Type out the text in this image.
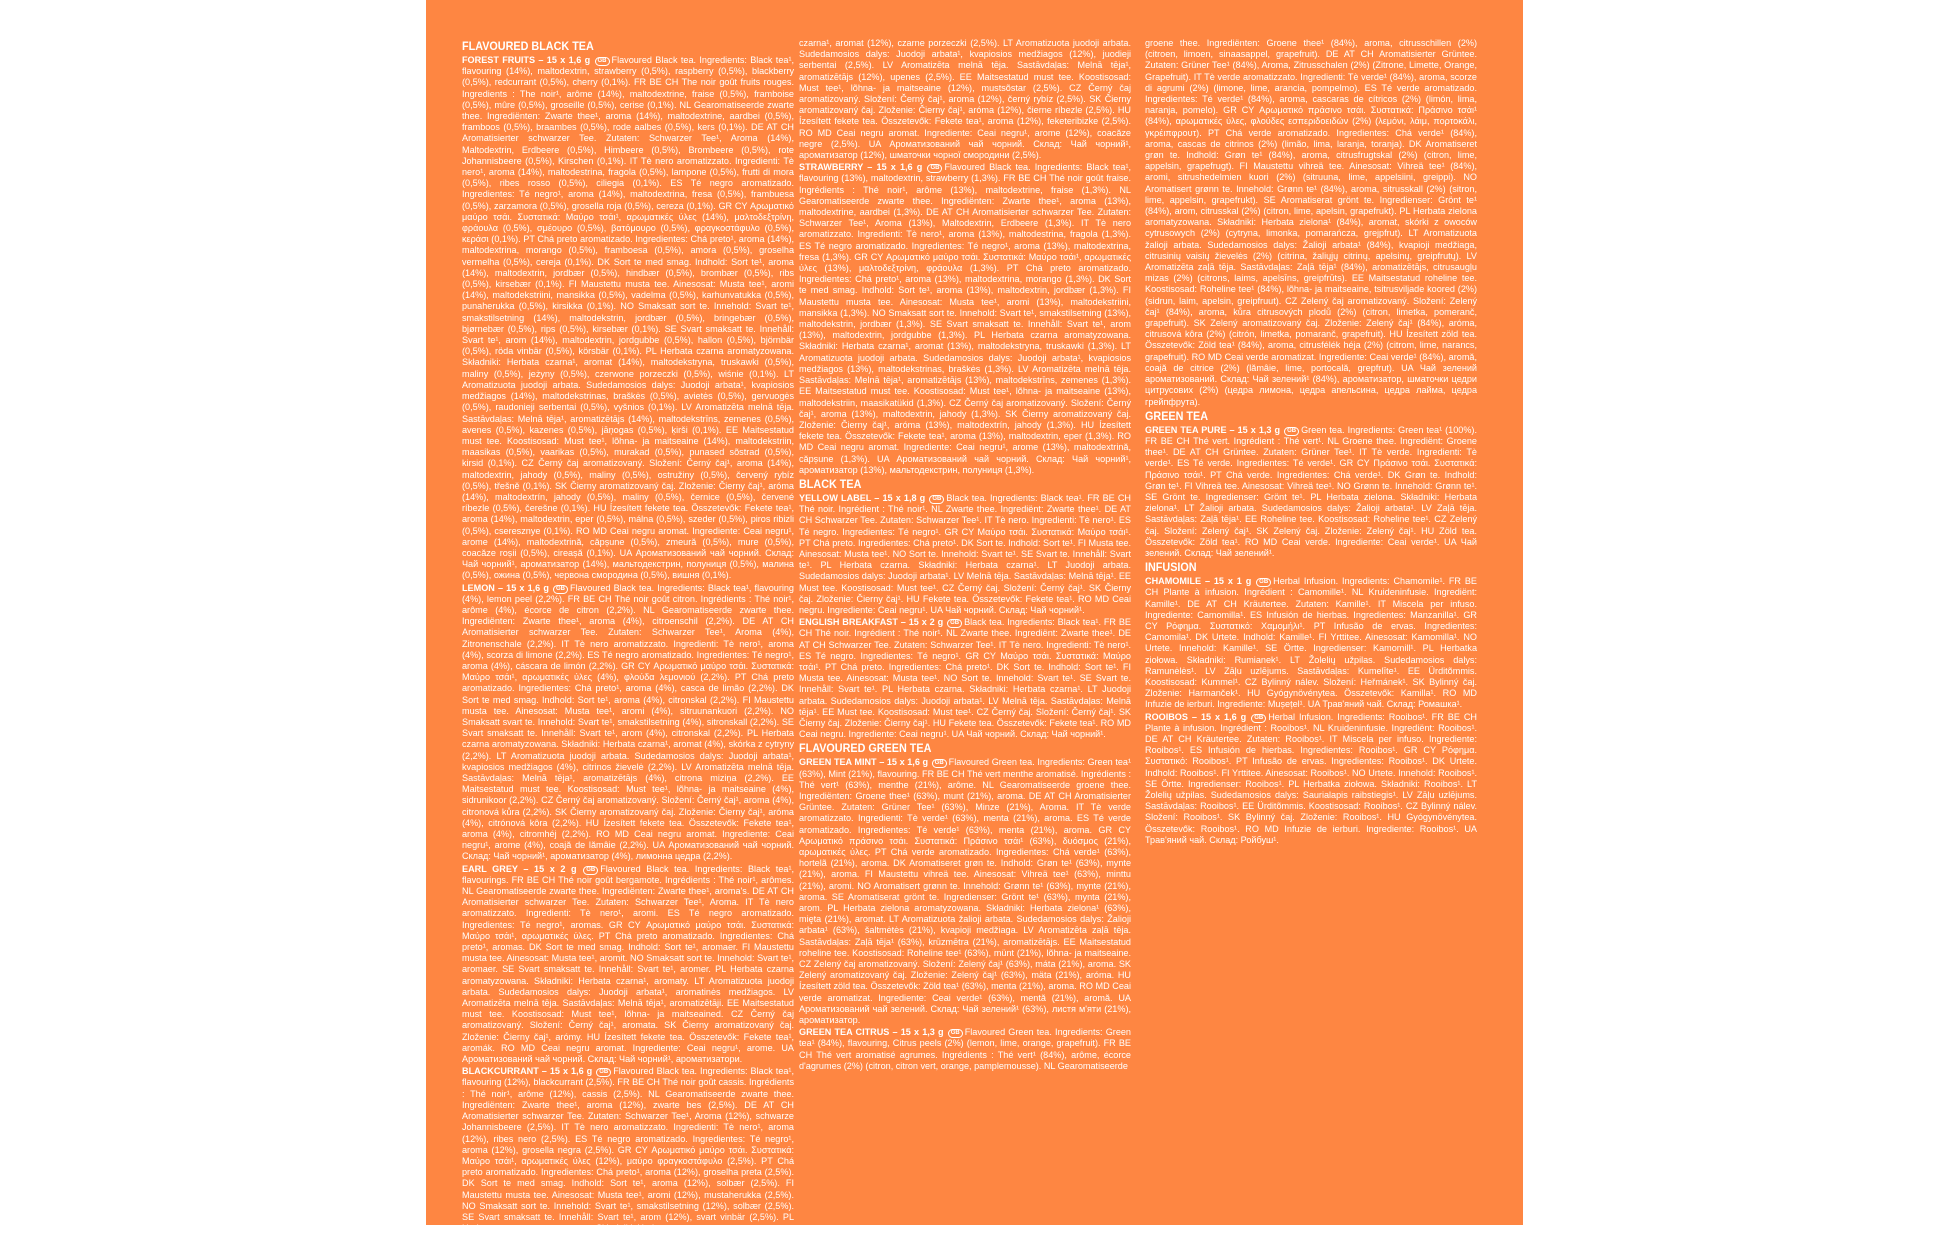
FLAVOURED BLACK TEA
FOREST FRUITS – 15 x 1,6 g GB Flavoured Black tea. Ingredients: Black tea¹, flavouring (14%), maltodextrin, strawberry (0,5%), raspberry (0,5%), blackberry (0,5%), redcurrant (0,5%), cherry (0,1%). FR BE CH The noir goût fruits rouges. Ingredients : The noir¹, arôme (14%), maltodextrine, fraise (0,5%), framboise (0,5%), mûre (0,5%), groseille (0,5%), cerise (0,1%). NL Gearomatiseerde zwarte thee. Ingrediënten: Zwarte thee¹, aroma (14%), maltodextrine, aardbei (0,5%), framboos (0,5%), braambes (0,5%), rode aalbes (0,5%), kers (0,1%). DE AT CH Aromatisierter schwarzer Tee. Zutaten: Schwarzer Tee¹, Aroma (14%), Maltodextrin, Erdbeere (0,5%), Himbeere (0,5%), Brombeere (0,5%), rote Johannisbeere (0,5%), Kirschen (0,1%). IT Tè nero aromatizzato. Ingredienti: Tè nero¹, aroma (14%), maltodestrina, fragola (0,5%), lampone (0,5%), frutti di mora (0,5%), ribes rosso (0,5%), ciliegia (0,1%). ES Té negro aromatizado. Ingredientes: Té negro¹, aroma (14%), maltodextrina, fresa (0,5%), frambuesa (0,5%), zarzamora (0,5%), grosella roja (0,5%), cereza (0,1%). GR CY Αρωματικό μαύρο τσάι. Συστατικά: Μαύρο τσάι¹, αρωματικές ύλες (14%), μαλτοδεξτρίνη, φράουλα (0,5%), σμέουρο (0,5%), βατόμουρο (0,5%), φραγκοστάφυλο (0,5%), κεράσι (0,1%). PT Chá preto aromatizado. Ingredientes: Chá preto¹, aroma (14%), maltodextrina, morango (0,5%), framboesa (0,5%), amora (0,5%), groselha vermelha (0,5%), cereja (0,1%). DK Sort te med smag. Indhold: Sort te¹, aroma (14%), maltodextrin, jordbær (0,5%), hindbær (0,5%), brombær (0,5%), ribs (0,5%), kirsebær (0,1%). FI Maustettu musta tee. Ainesosat: Musta tee¹, aromi (14%), maltodekstriini, mansikka (0,5%), vadelma (0,5%), karhunvatukka (0,5%), punaherukka (0,5%), kirsikka (0,1%). NO Smaksatt sort te. Innehold: Svart te¹, smakstilsetning (14%), maltodekstrin, jordbær (0,5%), bringebær (0,5%), bjørnebær (0,5%), rips (0,5%), kirsebær (0,1%). SE Svart smaksatt te. Innehåll: Svart te¹, arom (14%), maltodextrin, jordgubbe (0,5%), hallon (0,5%), björnbär (0,5%), röda vinbär (0,5%), körsbär (0,1%). PL Herbata czarna aromatyzowana. Składniki: Herbata czarna¹, aromat (14%), maltodekstryna, truskawki (0,5%), maliny (0,5%), jeżyny (0,5%), czerwone porzeczki (0,5%), wiśnie (0,1%). LT Aromatizuota juodoji arbata. Sudedamosios dalys: Juodoji arbata¹, kvapiosios medžiagos (14%), maltodekstrinas, braškės (0,5%), avietės (0,5%), gervuogės (0,5%), raudonieji serbentai (0,5%), vyšnios (0,1%). LV Aromatizēta melnā tēja. Sastāvdaļas: Melnā tēja¹, aromatizētājs (14%), maltodekstrīns, zemenes (0,5%), avenes (0,5%), kazenes (0,5%), jāņogas (0,5%), ķirši (0,1%). EE Maitsestatud must tee. Koostisosad: Must tee¹, lõhna- ja maitseaine (14%), maltodekstriin, maasikas (0,5%), vaarikas (0,5%), murakad (0,5%), punased sõstrad (0,5%), kirsid (0,1%). CZ Černý čaj aromatizovaný. Složení: Černý čaj¹, aroma (14%), maltodextrin, jahody (0,5%), maliny (0,5%), ostružiny (0,5%), červený rybíz (0,5%), třešně (0,1%). SK Čierny aromatizovaný čaj. Zloženie: Čierny čaj¹, aróma (14%), maltodextrín, jahody (0,5%), maliny (0,5%), černice (0,5%), červené ríbezle (0,5%), čerešne (0,1%). HU Ízesített fekete tea. Összetevők: Fekete tea¹, aroma (14%), maltodextrin, eper (0,5%), málna (0,5%), szeder (0,5%), piros ribizli (0,5%), cseresznye (0,1%). RO MD Ceai negru aromat. Ingrediente: Ceai negru¹, arome (14%), maltodextrină, căpșune (0,5%), zmeură (0,5%), mure (0,5%), coacăze roșii (0,5%), cireașă (0,1%). UA Ароматизований чай чорний. Склад: Чай чорний¹, ароматизатор (14%), мальтодекстрин, полуниця (0,5%), малина (0,5%), ожина (0,5%), червона смородина (0,5%), вишня (0,1%).
LEMON – 15 x 1,6 g GB Flavoured Black tea. Ingredients: Black tea¹, flavouring (4%), lemon peel (2,2%). FR BE CH Thé noir goût citron. Ingrédients : Thé noir¹, arôme (4%), écorce de citron (2,2%). NL Gearomatiseerde zwarte thee. Ingrediënten: Zwarte thee¹, aroma (4%), citroenschil (2,2%). DE AT CH Aromatisierter schwarzer Tee. Zutaten: Schwarzer Tee¹, Aroma (4%), Zitronenschale (2,2%). IT Tè nero aromatizzato. Ingredienti: Tè nero¹, aroma (4%), scorza di limone (2,2%). ES Té negro aromatizado. Ingredientes: Té negro¹, aroma (4%), cáscara de limón (2,2%). GR CY Αρωματικό μαύρο τσάι. Συστατικά: Μαύρο τσάι¹, αρωματικές ύλες (4%), φλούδα λεμονιού (2,2%). PT Chá preto aromatizado. Ingredientes: Chá preto¹, aroma (4%), casca de limão (2,2%). DK Sort te med smag. Indhold: Sort te¹, aroma (4%), citronskal (2,2%). FI Maustettu musta tee. Ainesosat: Musta tee¹, aromi (4%), sitruunankuori (2,2%). NO Smaksatt svart te. Innehold: Svart te¹, smakstilsetning (4%), sitronskall (2,2%). SE Svart smaksatt te. Innehåll: Svart te¹, arom (4%), citronskal (2,2%). PL Herbata czarna aromatyzowana. Składniki: Herbata czarna¹, aromat (4%), skórka z cytryny (2,2%). LT Aromatizuota juodoji arbata. Sudedamosios dalys: Juodoji arbata¹, kvapiosios medžiagos (4%), citrinos žievelė (2,2%). LV Aromatizēta melnā tēja. Sastāvdaļas: Melnā tēja¹, aromatizētājs (4%), citrona miziņa (2,2%). EE Maitsestatud must tee. Koostisosad: Must tee¹, lõhna- ja maitseaine (4%), sidrunikoor (2,2%). CZ Černý čaj aromatizovaný. Složení: Černý čaj¹, aroma (4%), citronová kůra (2,2%). SK Čierny aromatizovaný čaj. Zloženie: Čierny čaj¹, aróma (4%), citrónová kôra (2,2%). HU Ízesített fekete tea. Összetevők: Fekete tea¹, aroma (4%), citromhéj (2,2%). RO MD Ceai negru aromat. Ingrediente: Ceai negru¹, arome (4%), coajă de lămâie (2,2%). UA Ароматизований чай чорний. Склад: Чай чорний¹, ароматизатор (4%), лимонна цедра (2,2%).
EARL GREY – 15 x 2 g GB Flavoured Black tea. Ingredients: Black tea¹, flavourings. FR BE CH Thé noir goût bergamote. Ingrédients : Thé noir¹, arômes. NL Gearomatiseerde zwarte thee. Ingrediënten: Zwarte thee¹, aroma's. DE AT CH Aromatisierter schwarzer Tee. Zutaten: Schwarzer Tee¹, Aroma. IT Tè nero aromatizzato. Ingredienti: Tè nero¹, aromi. ES Té negro aromatizado. Ingredientes: Té negro¹, aromas. GR CY Αρωματικό μαύρο τσάι. Συστατικά: Μαύρο τσάι¹, αρωματικές ύλες. PT Chá preto aromatizado. Ingredientes: Chá preto¹, aromas. DK Sort te med smag. Indhold: Sort te¹, aromaer. FI Maustettu musta tee. Ainesosat: Musta tee¹, aromit. NO Smaksatt sort te. Innehold: Svart te¹, aromaer. SE Svart smaksatt te. Innehåll: Svart te¹, aromer. PL Herbata czarna aromatyzowana. Składniki: Herbata czarna¹, aromaty. LT Aromatizuota juodoji arbata. Sudedamosios dalys: Juodoji arbata¹, aromatinės medžiagos. LV Aromatizēta melnā tēja. Sastāvdaļas: Melnā tēja¹, aromatizētāji. EE Maitsestatud must tee. Koostisosad: Must tee¹, lõhna- ja maitseained. CZ Černý čaj aromatizovaný. Složení: Černý čaj¹, aromata. SK Čierny aromatizovaný čaj. Zloženie: Čierny čaj¹, arómy. HU Ízesített fekete tea. Összetevők: Fekete tea¹, aromák. RO MD Ceai negru aromat. Ingrediente: Ceai negru¹, arome. UA Ароматизований чай чорний. Склад: Чай чорний¹, ароматизатори.
BLACKCURRANT – 15 x 1,6 g GB Flavoured Black tea. Ingredients: Black tea¹, flavouring (12%), blackcurrant (2,5%). FR BE CH Thé noir goût cassis. Ingrédients : Thé noir¹, arôme (12%), cassis (2,5%). NL Gearomatiseerde zwarte thee. Ingrediënten: Zwarte thee¹, aroma (12%), zwarte bes (2,5%). DE AT CH Aromatisierter schwarzer Tee. Zutaten: Schwarzer Tee¹, Aroma (12%), schwarze Johannisbeere (2,5%). IT Tè nero aromatizzato. Ingredienti: Tè nero¹, aroma (12%), ribes nero (2,5%). ES Té negro aromatizado. Ingredientes: Té negro¹, aroma (12%), grosella negra (2,5%). GR CY Αρωματικό μαύρο τσάι. Συστατικά: Μαύρο τσάι¹, αρωματικές ύλες (12%), μαύρο φραγκοστάφυλο (2,5%). PT Chá preto aromatizado. Ingredientes: Chá preto¹, aroma (12%), groselha preta (2,5%). DK Sort te med smag. Indhold: Sort te¹, aroma (12%), solbær (2,5%). FI Maustettu musta tee. Ainesosat: Musta tee¹, aromi (12%), mustaherukka (2,5%). NO Smaksatt sort te. Innehold: Svart te¹, smakstilsetning (12%), solbær (2,5%). SE Svart smaksatt te. Innehåll: Svart te¹, arom (12%), svart vinbär (2,5%). PL Herbata czarna aromatyzowana. Składniki: Herbata
czarna¹, aromat (12%), czarne porzeczki (2,5%). LT Aromatizuota juodoji arbata. Sudedamosios dalys: Juodoji arbata¹, kvapiosios medžiagos (12%), juodieji serbentai (2,5%). LV Aromatizēta melnā tēja. Sastāvdaļas: Melnā tēja¹, aromatizētājs (12%), upenes (2,5%). EE Maitsestatud must tee. Koostisosad: Must tee¹, lõhna- ja maitseaine (12%), mustsõstar (2,5%). CZ Černý čaj aromatizovaný. Složení: Černý čaj¹, aroma (12%), černý rybíz (2,5%). SK Čierny aromatizovaný čaj. Zloženie: Čierny čaj¹, aróma (12%), čierne ríbezle (2,5%). HU Ízesített fekete tea. Összetevők: Fekete tea¹, aroma (12%), feketeribizke (2,5%). RO MD Ceai negru aromat. Ingrediente: Ceai negru¹, arome (12%), coacăze negre (2,5%). UA Ароматизований чай чорний. Склад: Чай чорний¹, ароматизатор (12%), шматочки чорної смородини (2,5%).
STRAWBERRY – 15 x 1,6 g GB Flavoured Black tea. Ingredients: Black tea¹, flavouring (13%), maltodextrin, strawberry (1,3%). FR BE CH Thé noir goût fraise. Ingrédients : Thé noir¹, arôme (13%), maltodextrine, fraise (1,3%). NL Gearomatiseerde zwarte thee. Ingrediënten: Zwarte thee¹, aroma (13%), maltodextrine, aardbei (1,3%). DE AT CH Aromatisierter schwarzer Tee. Zutaten: Schwarzer Tee¹, Aroma (13%), Maltodextrin, Erdbeere (1,3%). IT Tè nero aromatizzato. Ingredienti: Tè nero¹, aroma (13%), maltodestrina, fragola (1,3%). ES Té negro aromatizado. Ingredientes: Té negro¹, aroma (13%), maltodextrina, fresa (1,3%). GR CY Αρωματικό μαύρο τσάι. Συστατικά: Μαύρο τσάι¹, αρωματικές ύλες (13%), μαλτοδεξτρίνη, φράουλα (1,3%). PT Chá preto aromatizado. Ingredientes: Chá preto¹, aroma (13%), maltodextrina, morango (1,3%). DK Sort te med smag. Indhold: Sort te¹, aroma (13%), maltodextrin, jordbær (1,3%). FI Maustettu musta tee. Ainesosat: Musta tee¹, aromi (13%), maltodekstriini, mansikka (1,3%). NO Smaksatt sort te. Innehold: Svart te¹, smakstilsetning (13%), maltodekstrin, jordbær (1,3%). SE Svart smaksatt te. Innehåll: Svart te¹, arom (13%), maltodextrin, jordgubbe (1,3%). PL Herbata czarna aromatyzowana. Składniki: Herbata czarna¹, aromat (13%), maltodekstryna, truskawki (1,3%). LT Aromatizuota juodoji arbata. Sudedamosios dalys: Juodoji arbata¹, kvapiosios medžiagos (13%), maltodekstrinas, braškės (1,3%). LV Aromatizēta melnā tēja. Sastāvdaļas: Melnā tēja¹, aromatizētājs (13%), maltodekstrīns, zemenes (1,3%). EE Maitsestatud must tee. Koostisosad: Must tee¹, lõhna- ja maitseaine (13%), maltodekstriin, maasikatükid (1,3%). CZ Černý čaj aromatizovaný. Složení: Černý čaj¹, aroma (13%), maltodextrin, jahody (1,3%). SK Čierny aromatizovaný čaj. Zloženie: Čierny čaj¹, aróma (13%), maltodextrín, jahody (1,3%). HU Ízesített fekete tea. Összetevők: Fekete tea¹, aroma (13%), maltodextrin, eper (1,3%). RO MD Ceai negru aromat. Ingrediente: Ceai negru¹, arome (13%), maltodextrină, căpșune (1,3%). UA Ароматизований чай чорний. Склад: Чай чорний¹, ароматизатор (13%), мальтодекстрин, полуниця (1,3%).
BLACK TEA
YELLOW LABEL – 15 x 1,8 g GB Black tea. Ingredients: Black tea¹. FR BE CH Thé noir. Ingrédient : Thé noir¹. NL Zwarte thee. Ingrediënt: Zwarte thee¹. DE AT CH Schwarzer Tee. Zutaten: Schwarzer Tee¹. IT Tè nero. Ingredienti: Tè nero¹. ES Té negro. Ingredientes: Té negro¹. GR CY Μαύρο τσάι. Συστατικά: Μαύρο τσάι¹. PT Chá preto. Ingredientes: Chá preto¹. DK Sort te. Indhold: Sort te¹. FI Musta tee. Ainesosat: Musta tee¹. NO Sort te. Innehold: Svart te¹. SE Svart te. Innehåll: Svart te¹. PL Herbata czarna. Składniki: Herbata czarna¹. LT Juodoji arbata. Sudedamosios dalys: Juodoji arbata¹. LV Melnā tēja. Sastāvdaļas: Melnā tēja¹. EE Must tee. Koostisosad: Must tee¹. CZ Černý čaj. Složení: Černý čaj¹. SK Čierny čaj. Zloženie: Čierny čaj¹. HU Fekete tea. Összetevők: Fekete tea¹. RO MD Ceai negru. Ingrediente: Ceai negru¹. UA Чай чорний. Склад: Чай чорний¹.
ENGLISH BREAKFAST – 15 x 2 g GB Black tea. Ingredients: Black tea¹. FR BE CH Thé noir. Ingrédient : Thé noir¹. NL Zwarte thee. Ingrediënt: Zwarte thee¹. DE AT CH Schwarzer Tee. Zutaten: Schwarzer Tee¹. IT Tè nero. Ingredienti: Tè nero¹. ES Té negro. Ingredientes: Té negro¹. GR CY Μαύρο τσάι. Συστατικά: Μαύρο τσάι¹. PT Chá preto. Ingredientes: Chá preto¹. DK Sort te. Indhold: Sort te¹. FI Musta tee. Ainesosat: Musta tee¹. NO Sort te. Innehold: Svart te¹. SE Svart te. Innehåll: Svart te¹. PL Herbata czarna. Składniki: Herbata czarna¹. LT Juodoji arbata. Sudedamosios dalys: Juodoji arbata¹. LV Melnā tēja. Sastāvdaļas: Melnā tēja¹. EE Must tee. Koostisosad: Must tee¹. CZ Černý čaj. Složení: Černý čaj¹. SK Čierny čaj. Zloženie: Čierny čaj¹. HU Fekete tea. Összetevők: Fekete tea¹. RO MD Ceai negru. Ingrediente: Ceai negru¹. UA Чай чорний. Склад: Чай чорний¹.
FLAVOURED GREEN TEA
GREEN TEA MINT – 15 x 1,6 g GB Flavoured Green tea. Ingredients: Green tea¹ (63%), Mint (21%), flavouring. FR BE CH Thé vert menthe aromatisé. Ingrédients : Thé vert¹ (63%), menthe (21%), arôme. NL Gearomatiseerde groene thee. Ingrediënten: Groene thee¹ (63%), munt (21%), aroma. DE AT CH Aromatisierter Grüntee. Zutaten: Grüner Tee¹ (63%), Minze (21%), Aroma. IT Tè verde aromatizzato. Ingredienti: Tè verde¹ (63%), menta (21%), aroma. ES Té verde aromatizado. Ingredientes: Té verde¹ (63%), menta (21%), aroma. GR CY Αρωματικό πράσινο τσάι. Συστατικά: Πράσινο τσάι¹ (63%), δυόσμος (21%), αρωματικές ύλες. PT Chá verde aromatizado. Ingredientes: Chá verde¹ (63%), hortelã (21%), aroma. DK Aromatiseret grøn te. Indhold: Grøn te¹ (63%), mynte (21%), aroma. FI Maustettu vihreä tee. Ainesosat: Vihreä tee¹ (63%), minttu (21%), aromi. NO Aromatisert grønn te. Innehold: Grønn te¹ (63%), mynte (21%), aroma. SE Aromatiserat grönt te. Ingredienser: Grönt te¹ (63%), mynta (21%), arom. PL Herbata zielona aromatyzowana. Składniki: Herbata zielona¹ (63%), mięta (21%), aromat. LT Aromatizuota žalioji arbata. Sudedamosios dalys: Žalioji arbata¹ (63%), šaltmėtės (21%), kvapioji medžiaga. LV Aromatizēta zaļā tēja. Sastāvdaļas: Zaļā tēja¹ (63%), krūzmētra (21%), aromatizētājs. EE Maitsestatud roheline tee. Koostisosad: Roheline tee¹ (63%), münt (21%), lõhna- ja maitseaine. CZ Zelený čaj aromatizovaný. Složení: Zelený čaj¹ (63%), máta (21%), aroma. SK Zelený aromatizovaný čaj. Zloženie: Zelený čaj¹ (63%), mäta (21%), aróma. HU Ízesített zöld tea. Összetevők: Zöld tea¹ (63%), menta (21%), aroma. RO MD Ceai verde aromatizat. Ingrediente: Ceai verde¹ (63%), mentă (21%), aromă. UA Ароматизований чай зелений. Склад: Чай зелений¹ (63%), листя м'яти (21%), ароматизатор.
GREEN TEA CITRUS – 15 x 1,3 g GB Flavoured Green tea. Ingredients: Green tea¹ (84%), flavouring, Citrus peels (2%) (lemon, lime, orange, grapefruit). FR BE CH Thé vert aromatisé agrumes. Ingrédients : Thé vert¹ (84%), arôme, écorce d'agrumes (2%) (citron, citron vert, orange, pamplemousse). NL Gearomatiseerde
groene thee. Ingrediënten: Groene thee¹ (84%), aroma, citrusschillen (2%) (citroen, limoen, sinaasappel, grapefruit). DE AT CH Aromatisierter Grüntee. Zutaten: Grüner Tee¹ (84%), Aroma, Zitrusschalen (2%) (Zitrone, Limette, Orange, Grapefruit). IT Tè verde aromatizzato. Ingredienti: Tè verde¹ (84%), aroma, scorze di agrumi (2%) (limone, lime, arancia, pompelmo). ES Té verde aromatizado. Ingredientes: Té verde¹ (84%), aroma, cascaras de cítricos (2%) (limón, lima, naranja, pomelo). GR CY Αρωματικό πράσινο τσάι. Συστατικά: Πράσινο τσάι¹ (84%), αρωματικές ύλες, φλούδες εσπεριδοειδών (2%) (λεμόνι, λάιμ, πορτοκάλι, γκρέιπφρουτ). PT Chá verde aromatizado. Ingredientes: Chá verde¹ (84%), aroma, cascas de citrinos (2%) (limão, lima, laranja, toranja). DK Aromatiseret grøn te. Indhold: Grøn te¹ (84%), aroma, citrusfrugtskal (2%) (citron, lime, appelsin, grapefrugt). FI Maustettu vihreä tee. Ainesosat: Vihreä tee¹ (84%), aromi, sitrushedelmien kuori (2%) (sitruuna, lime, appelsiini, greippi). NO Aromatisert grønn te. Innehold: Grønn te¹ (84%), aroma, sitrusskall (2%) (sitron, lime, appelsin, grapefrukt). SE Aromatiserat grönt te. Ingredienser: Grönt te¹ (84%), arom, citrusskal (2%) (citron, lime, apelsin, grapefrukt). PL Herbata zielona aromatyzowana. Składniki: Herbata zielona¹ (84%), aromat, skórki z owoców cytrusowych (2%) (cytryna, limonka, pomarańcza, grejpfrut). LT Aromatizuota žalioji arbata. Sudedamosios dalys: Žalioji arbata¹ (84%), kvapioji medžiaga, citrusinių vaisių žievelės (2%) (citrina, žaliųjų citrinų, apelsinų, greipfrutų). LV Aromatizēta zaļā tēja. Sastāvdaļas: Zaļā tēja¹ (84%), aromatizētājs, citrusaugļu mizas (2%) (citrons, laims, apelsīns, greipfrūts). EE Maitsestatud roheline tee. Koostisosad: Roheline tee¹ (84%), lõhna- ja maitseaine, tsitrusviljade koored (2%) (sidrun, laim, apelsin, greipfruut). CZ Zelený čaj aromatizovaný. Složení: Zelený čaj¹ (84%), aroma, kůra citrusových plodů (2%) (citron, limetka, pomeranč, grapefruit). SK Zelený aromatizovaný čaj. Zloženie: Zelený čaj¹ (84%), aróma, citrusová kôra (2%) (citrón, limetka, pomaranč, grapefruit). HU Ízesített zöld tea. Összetevők: Zöld tea¹ (84%), aroma, citrusfélék héja (2%) (citrom, lime, narancs, grapefruit). RO MD Ceai verde aromatizat. Ingrediente: Ceai verde¹ (84%), aromă, coajă de citrice (2%) (lămâie, lime, portocală, grepfrut). UA Чай зелений ароматизований. Склад: Чай зелений¹ (84%), ароматизатор, шматочки цедри цитрусових (2%) (цедра лимона, цедра апельсина, цедра лайма, цедра грейпфрута).
GREEN TEA
GREEN TEA PURE – 15 x 1,3 g GB Green tea. Ingredients: Green tea¹ (100%). FR BE CH Thé vert. Ingrédient : Thé vert¹. NL Groene thee. Ingrediënt: Groene thee¹. DE AT CH Grüntee. Zutaten: Grüner Tee¹. IT Tè verde. Ingredienti: Tè verde¹. ES Té verde. Ingredientes: Té verde¹. GR CY Πράσινο τσάι. Συστατικά: Πράσινο τσάι¹. PT Chá verde. Ingredientes: Chá verde¹. DK Grøn te. Indhold: Grøn te¹. FI Vihreä tee. Ainesosat: Vihreä tee¹. NO Grønn te. Innehold: Grønn te¹. SE Grönt te. Ingredienser: Grönt te¹. PL Herbata zielona. Składniki: Herbata zielona¹. LT Žalioji arbata. Sudedamosios dalys: Žalioji arbata¹. LV Zaļā tēja. Sastāvdaļas: Zaļā tēja¹. EE Roheline tee. Koostisosad: Roheline tee¹. CZ Zelený čaj. Složení: Zelený čaj¹. SK Zelený čaj. Zloženie: Zelený čaj¹. HU Zöld tea. Összetevők: Zöld tea¹. RO MD Ceai verde. Ingrediente: Ceai verde¹. UA Чай зелений. Склад: Чай зелений¹.
INFUSION
CHAMOMILE – 15 x 1 g GB Herbal Infusion. Ingredients: Chamomile¹. FR BE CH Plante à infusion. Ingrédient : Camomille¹. NL Kruideninfusie. Ingrediënt: Kamille¹. DE AT CH Kräutertee. Zutaten: Kamille¹. IT Miscela per infuso. Ingrediente: Camomilla¹. ES Infusión de hierbas. Ingredientes: Manzanilla¹. GR CY Ρόφημα. Συστατικό: Χαμομήλι¹. PT Infusão de ervas. Ingredientes: Camomila¹. DK Urtete. Indhold: Kamille¹. FI Yrttitee. Ainesosat: Kamomilla¹. NO Urtete. Innehold: Kamille¹. SE Örtte. Ingredienser: Kamomill¹. PL Herbatka ziołowa. Składniki: Rumianek¹. LT Žolelių užpilas. Sudedamosios dalys: Ramunėlės¹. LV Zāļu uzlējums. Sastāvdaļas: Kumelīte¹. EE Ürditõmmis. Koostisosad: Kummel¹. CZ Bylinný nálev. Složení: Heřmánek¹. SK Bylinný čaj. Zloženie: Harmanček¹. HU Gyógynövénytea. Összetevők: Kamilla¹. RO MD Infuzie de ierburi. Ingrediente: Mușețel¹. UA Трав'яний чай. Склад: Ромашка¹.
ROOIBOS – 15 x 1,6 g GB Herbal Infusion. Ingredients: Rooibos¹. FR BE CH Plante à infusion. Ingrédient : Rooibos¹. NL Kruideninfusie. Ingrediënt: Rooibos¹. DE AT CH Kräutertee. Zutaten: Rooibos¹. IT Miscela per infuso. Ingrediente: Rooibos¹. ES Infusión de hierbas. Ingredientes: Rooibos¹. GR CY Ρόφημα. Συστατικό: Rooibos¹. PT Infusão de ervas. Ingredientes: Rooibos¹. DK Urtete. Indhold: Rooibos¹. FI Yrttitee. Ainesosat: Rooibos¹. NO Urtete. Innehold: Rooibos¹. SE Örtte. Ingredienser: Rooibos¹. PL Herbatka ziołowa. Składniki: Rooibos¹. LT Žolelių užpilas. Sudedamosios dalys: Saurialapis raibstiegis¹. LV Zāļu uzlējums. Sastāvdaļas: Rooibos¹. EE Ürditõmmis. Koostisosad: Rooibos¹. CZ Bylinný nálev. Složení: Rooibos¹. SK Bylinný čaj. Zloženie: Rooibos¹. HU Gyógynövénytea. Összetevők: Rooibos¹. RO MD Infuzie de ierburi. Ingrediente: Rooibos¹. UA Трав'яний чай. Склад: Ройбуш¹.
